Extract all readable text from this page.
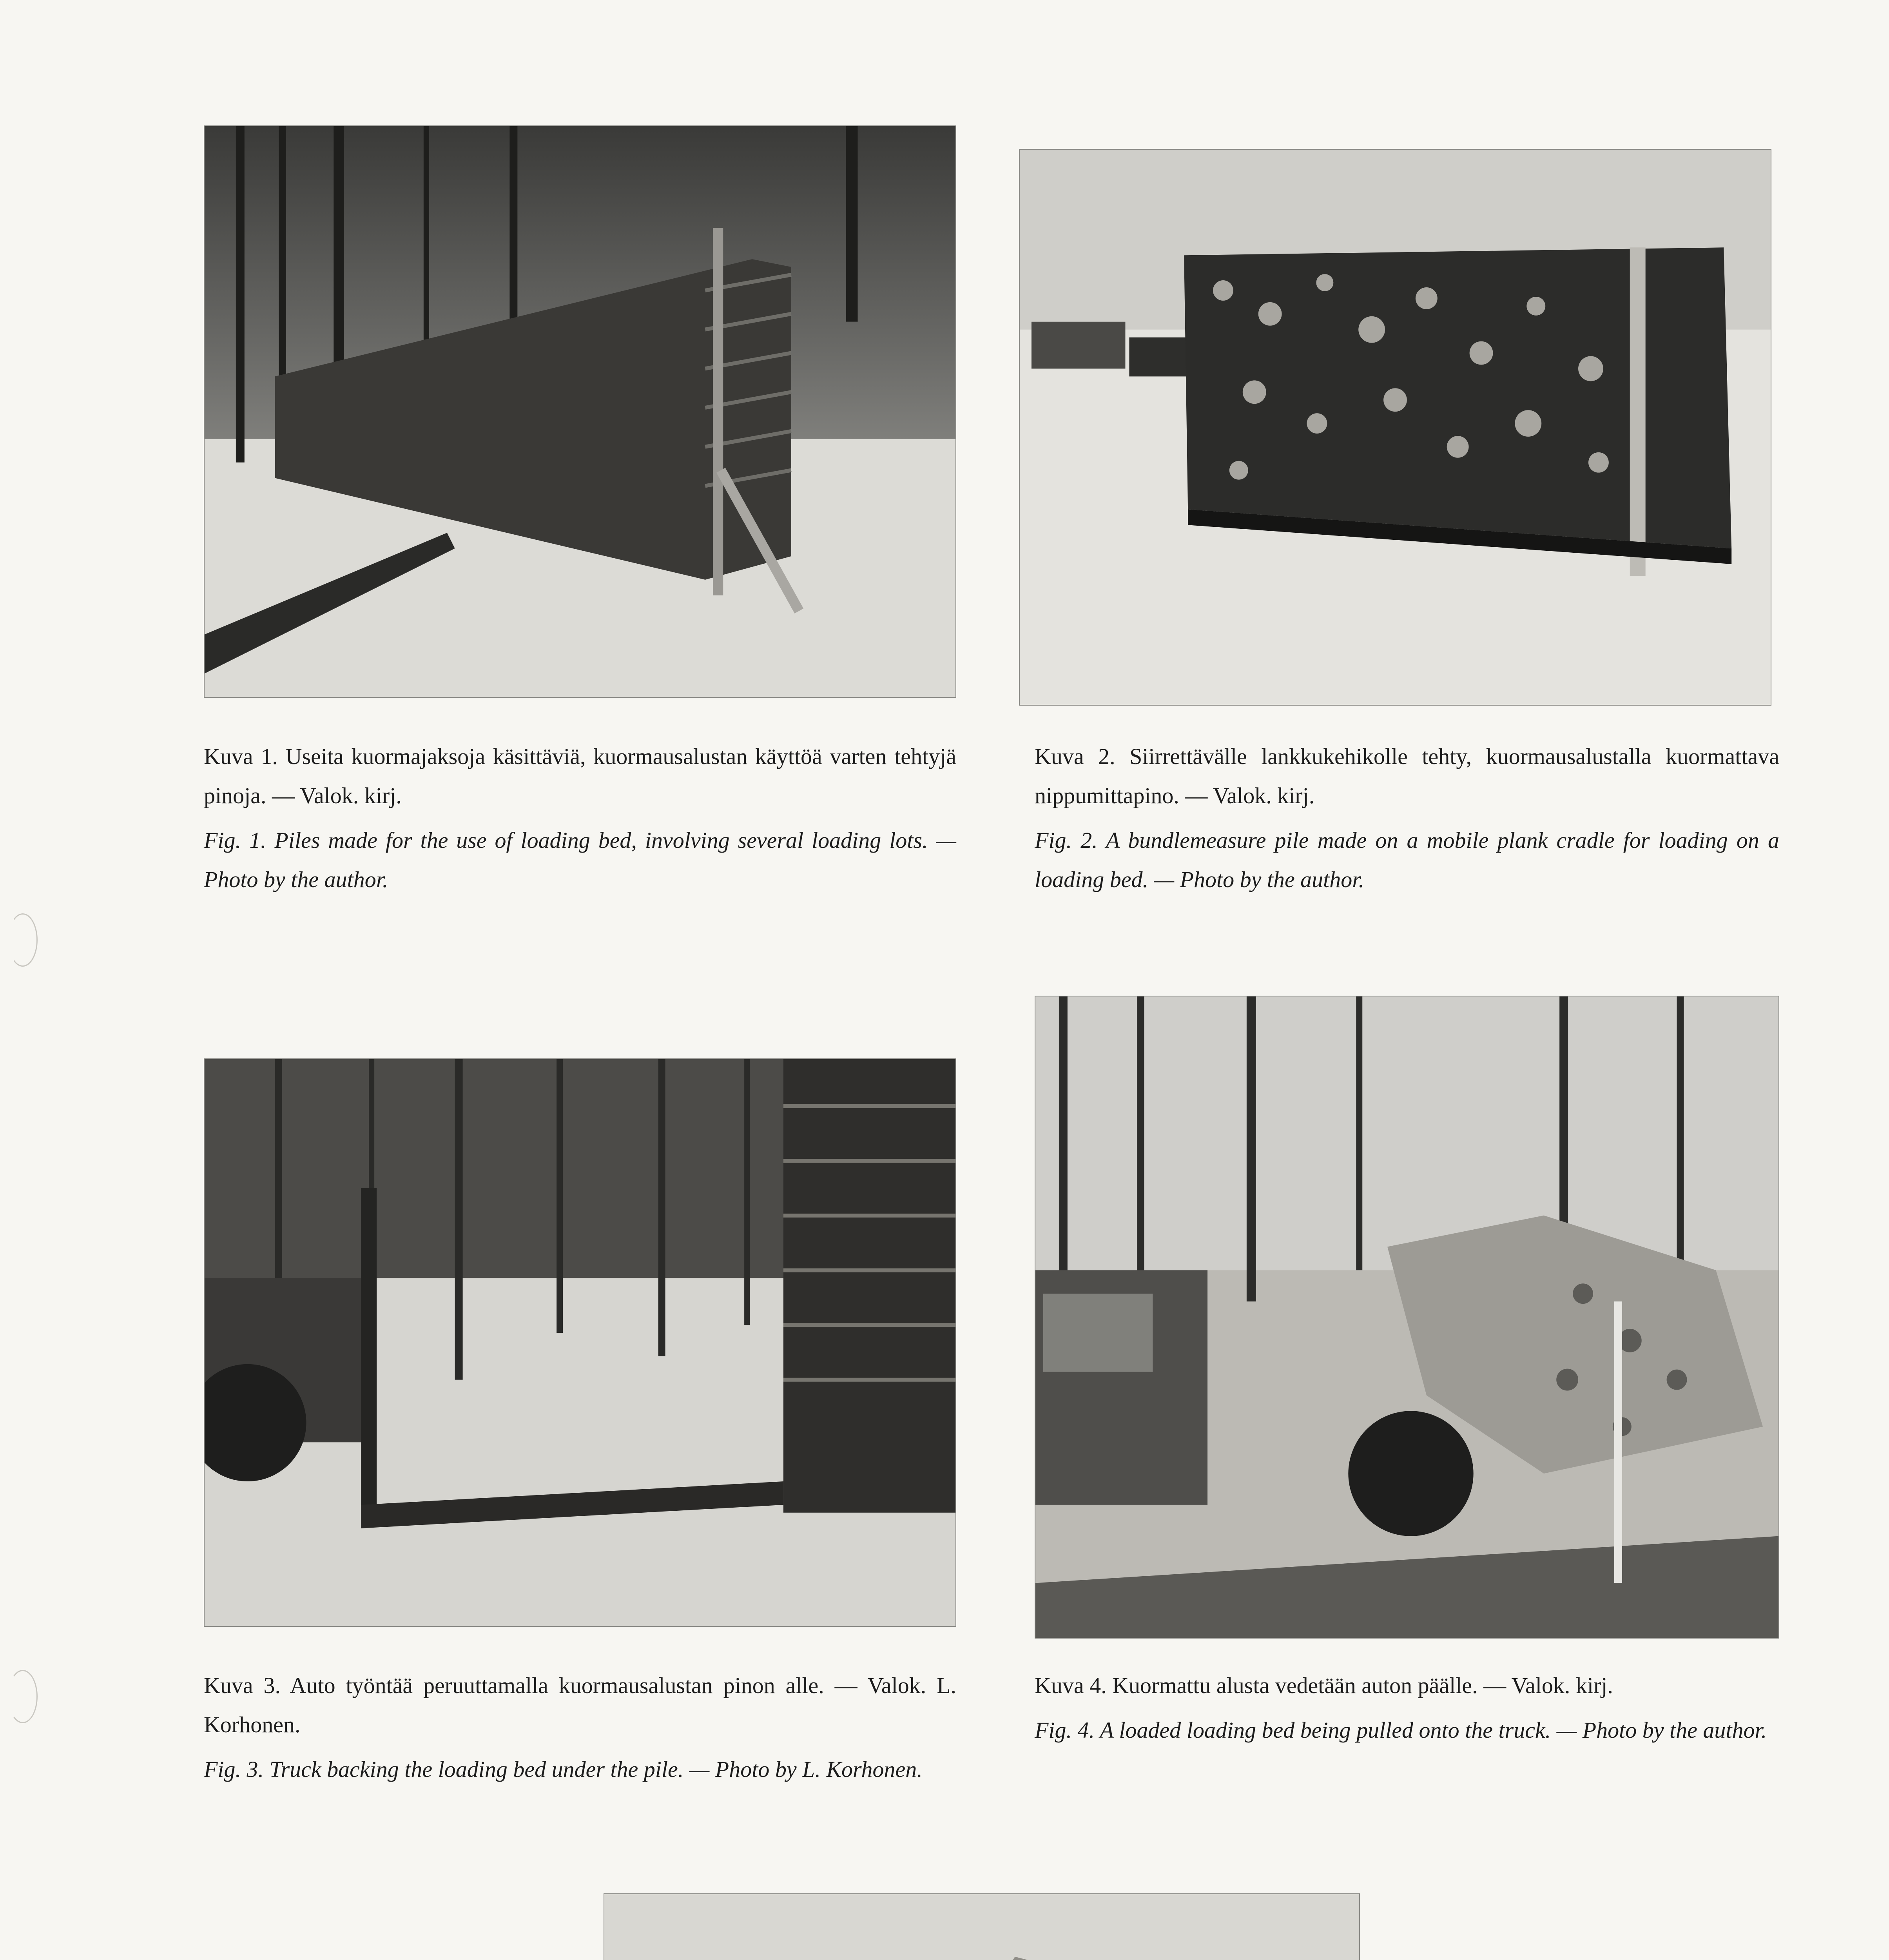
Kuva 1. Useita kuormajaksoja käsittäviä, kuormausalustan käyttöä varten tehtyjä pinoja. — Valok. kirj.

Fig. 1. Piles made for the use of loading bed, involving several loading lots. — Photo by the author.

Kuva 2. Siirrettävälle lankkukehikolle tehty, kuormausalustalla kuormattava nippumittapino. — Valok. kirj.

Fig. 2. A bundlemeasure pile made on a mobile plank cradle for loading on a loading bed. — Photo by the author.

Kuva 3. Auto työntää peruuttamalla kuormausalustan pinon alle. — Valok. L. Korhonen.

Fig. 3. Truck backing the loading bed under the pile. — Photo by L. Korhonen.

Kuva 4. Kuormattu alusta vedetään auton päälle. — Valok. kirj.

Fig. 4. A loaded loading bed being pulled onto the truck. — Photo by the author.
